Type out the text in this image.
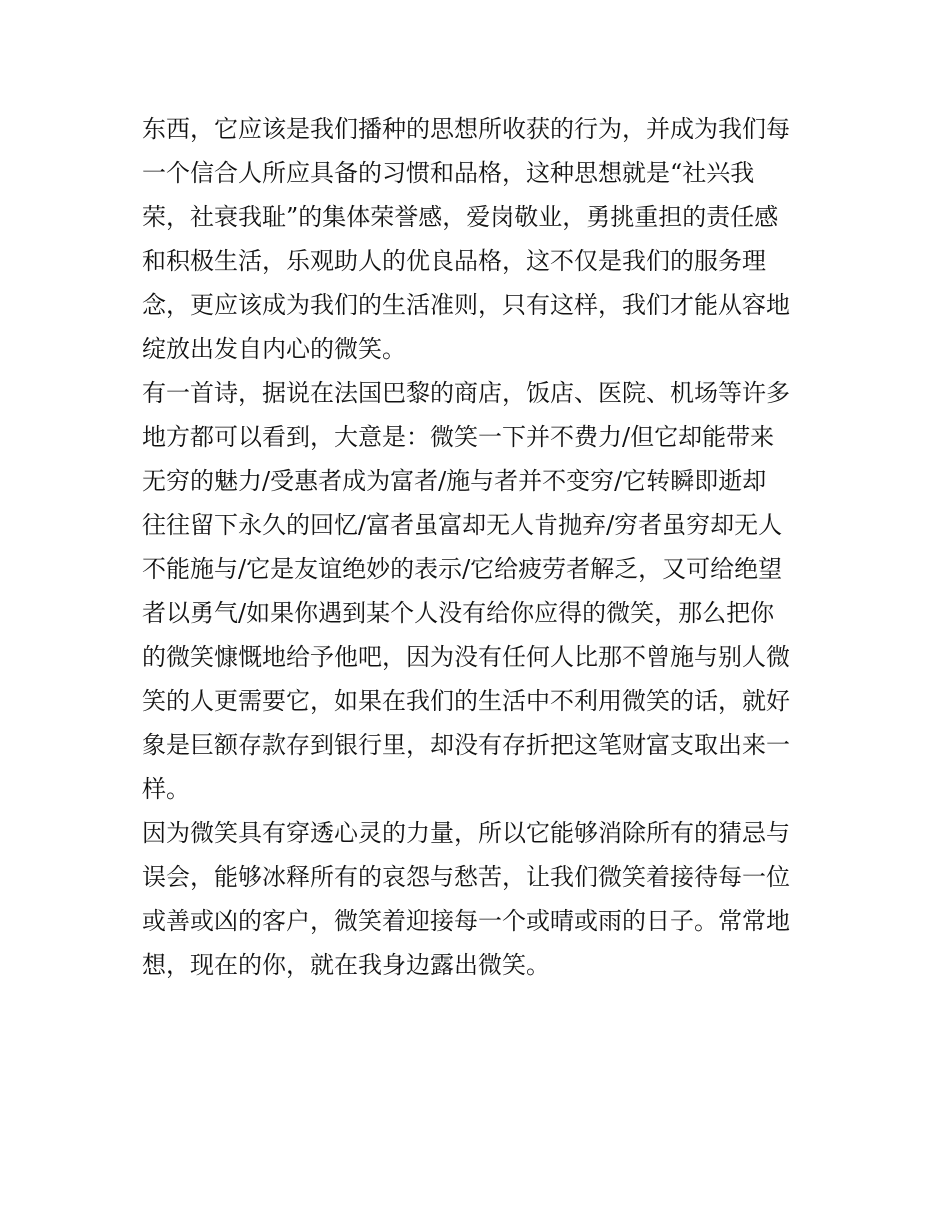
东西，它应该是我们播种的思想所收获的行为，并成为我们每
一个信合人所应具备的习惯和品格，这种思想就是“社兴我
荣，社衰我耻”的集体荣誉感，爱岗敬业，勇挑重担的责任感
和积极生活，乐观助人的优良品格，这不仅是我们的服务理
念，更应该成为我们的生活准则，只有这样，我们才能从容地
绽放出发自内心的微笑。
有一首诗，据说在法国巴黎的商店，饭店、医院、机场等许多
地方都可以看到，大意是：微笑一下并不费力/但它却能带来
无穷的魅力/受惠者成为富者/施与者并不变穷/它转瞬即逝却
往往留下永久的回忆/富者虽富却无人肯抛弃/穷者虽穷却无人
不能施与/它是友谊绝妙的表示/它给疲劳者解乏，又可给绝望
者以勇气/如果你遇到某个人没有给你应得的微笑，那么把你
的微笑慷慨地给予他吧，因为没有任何人比那不曾施与别人微
笑的人更需要它，如果在我们的生活中不利用微笑的话，就好
象是巨额存款存到银行里，却没有存折把这笔财富支取出来一
样。
因为微笑具有穿透心灵的力量，所以它能够消除所有的猜忌与
误会，能够冰释所有的哀怨与愁苦，让我们微笑着接待每一位
或善或凶的客户，微笑着迎接每一个或晴或雨的日子。常常地
想，现在的你，就在我身边露出微笑。
